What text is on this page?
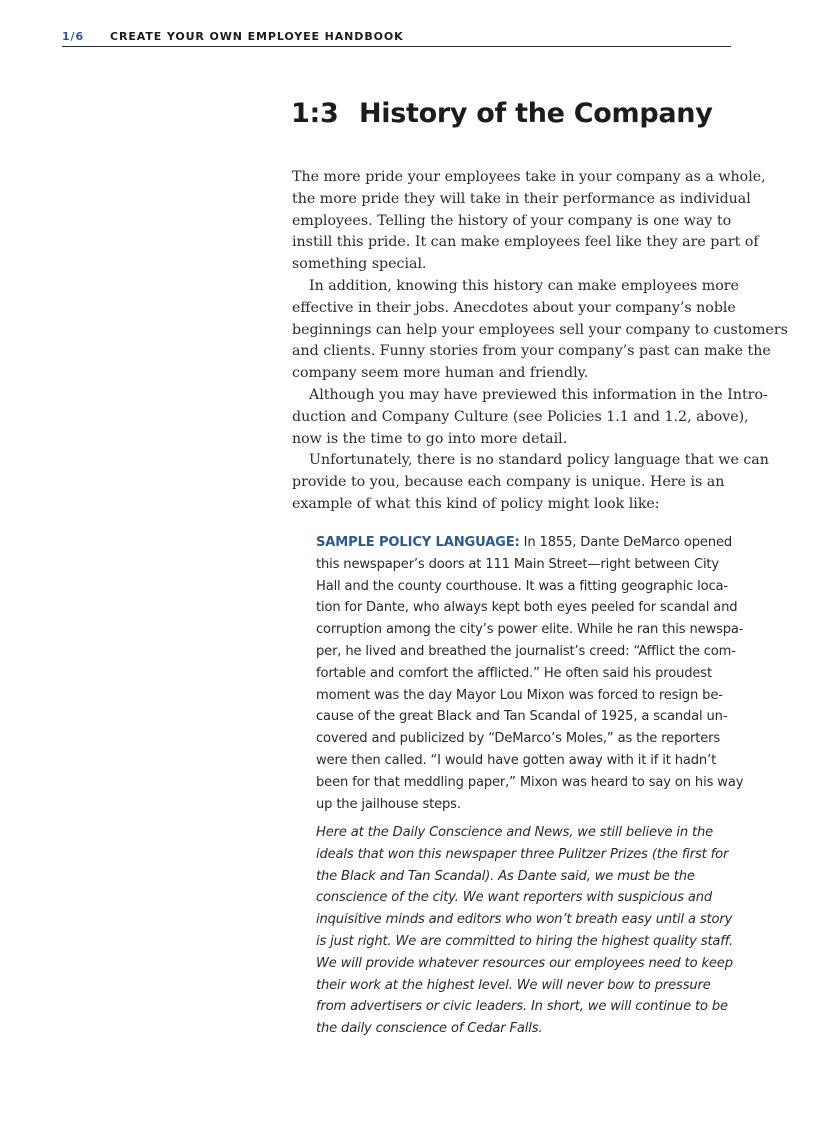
1/6 CREATE YOUR OWN EMPLOYEE HANDBOOK
1:3 History of the Company
The more pride your employees take in your company as a whole,
the more pride they will take in their performance as individual
employees. Telling the history of your company is one way to
instill this pride. It can make employees feel like they are part of
something special.
In addition, knowing this history can make employees more
effective in their jobs. Anecdotes about your company’s noble
beginnings can help your employees sell your company to customers
and clients. Funny stories from your company’s past can make the
company seem more human and friendly.
Although you may have previewed this information in the Intro-
duction and Company Culture (see Policies 1.1 and 1.2, above),
now is the time to go into more detail.
Unfortunately, there is no standard policy language that we can
provide to you, because each company is unique. Here is an
example of what this kind of policy might look like:
SAMPLE POLICY LANGUAGE: In 1855, Dante DeMarco opened
this newspaper’s doors at 111 Main Street—right between City
Hall and the county courthouse. It was a fitting geographic loca-
tion for Dante, who always kept both eyes peeled for scandal and
corruption among the city’s power elite. While he ran this newspa-
per, he lived and breathed the journalist’s creed: “Afflict the com-
fortable and comfort the afflicted.” He often said his proudest
moment was the day Mayor Lou Mixon was forced to resign be-
cause of the great Black and Tan Scandal of 1925, a scandal un-
covered and publicized by “DeMarco’s Moles,” as the reporters
were then called. “I would have gotten away with it if it hadn’t
been for that meddling paper,” Mixon was heard to say on his way
up the jailhouse steps.
Here at the Daily Conscience and News, we still believe in the
ideals that won this newspaper three Pulitzer Prizes (the first for
the Black and Tan Scandal). As Dante said, we must be the
conscience of the city. We want reporters with suspicious and
inquisitive minds and editors who won’t breath easy until a story
is just right. We are committed to hiring the highest quality staff.
We will provide whatever resources our employees need to keep
their work at the highest level. We will never bow to pressure
from advertisers or civic leaders. In short, we will continue to be
the daily conscience of Cedar Falls.
